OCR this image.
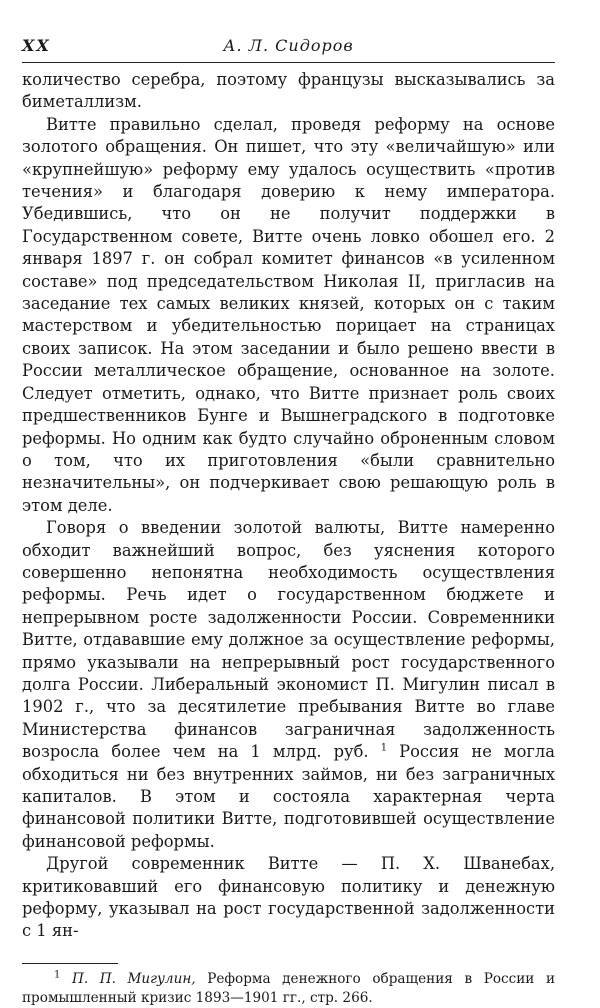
XX	А. Л. Сидоров

количество серебра, поэтому французы высказывались за биметаллизм.

Витте правильно сделал, проведя реформу на основе золотого обращения. Он пишет, что эту «величайшую» или «крупнейшую» реформу ему удалось осуществить «против течения» и благодаря доверию к нему императора. Убедившись, что он не получит поддержки в Государственном совете, Витте очень ловко обошел его. 2 января 1897 г. он собрал комитет финансов «в усиленном составе» под председательством Николая II, пригласив на заседание тех самых великих князей, которых он с таким мастерством и убедительностью порицает на страницах своих записок. На этом заседании и было решено ввести в России металлическое обращение, основанное на золоте. Следует отметить, однако, что Витте признает роль своих предшественников Бунге и Вышнеградского в подготовке реформы. Но одним как будто случайно оброненным словом о том, что их приготовления «были сравнительно незначительны», он подчеркивает свою решающую роль в этом деле.

Говоря о введении золотой валюты, Витте намеренно обходит важнейший вопрос, без уяснения которого совершенно непонятна необходимость осуществления реформы. Речь идет о государственном бюджете и непрерывном росте задолженности России. Современники Витте, отдававшие ему должное за осуществление реформы, прямо указывали на непрерывный рост государственного долга России. Либеральный экономист П. Мигулин писал в 1902 г., что за десятилетие пребывания Витте во главе Министерства финансов заграничная задолженность возросла более чем на 1 млрд. руб. $^1$ Россия не могла обходиться ни без внутренних займов, ни без заграничных капиталов. В этом и состояла характерная черта финансовой политики Витте, подготовившей осуществление финансовой реформы.

Другой современник Витте — П. Х. Шванебах, критиковавший его финансовую политику и денежную реформу, указывал на рост государственной задолженности с 1 ян-

$^1$ П. П. Мигулин, Реформа денежного обращения в России и промышленный кризис 1893—1901 гг., стр. 266.
